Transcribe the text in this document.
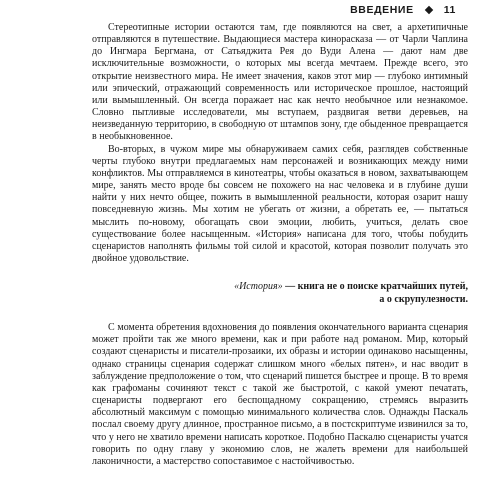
ВВЕДЕНИЕ	11

Стереотипные истории остаются там, где появляются на свет, а архетипичные отправляются в путешествие. Выдающиеся мастера кинорасказа — от Чарли Чаплина до Ингмара Бергмана, от Сатьяджита Рея до Вуди Алена — дают нам две исключительные возможности, о которых мы всегда мечтаем. Прежде всего, это открытие неизвестного мира. Не имеет значения, каков этот мир — глубоко интимный или эпический, отражающий современность или историческое прошлое, настоящий или вымышленный. Он всегда поражает нас как нечто необычное или незнакомое. Словно пытливые исследователи, мы вступаем, раздвигая ветви деревьев, на неизведанную территорию, в свободную от штампов зону, где обыденное превращается в необыкновенное.

Во-вторых, в чужом мире мы обнаруживаем самих себя, разглядев собственные черты глубоко внутри предлагаемых нам персонажей и возникающих между ними конфликтов. Мы отправляемся в кинотеатры, чтобы оказаться в новом, захватывающем мире, занять место вроде бы совсем не похожего на нас человека и в глубине души найти у них нечто общее, пожить в вымышленной реальности, которая озарит нашу повседневную жизнь. Мы хотим не убегать от жизни, а обретать ее, — пытаться мыслить по-новому, обогащать свои эмоции, любить, учиться, делать свое существование более насыщенным. «История» написана для того, чтобы побудить сценаристов наполнять фильмы той силой и красотой, которая позволит получать это двойное удовольствие.

«История» — книга не о поиске кратчайших путей,
а о скрупулезности.

С момента обретения вдохновения до появления окончательного варианта сценария может пройти так же много времени, как и при работе над романом. Мир, который создают сценаристы и писатели-прозаики, их образы и истории одинаково насыщенны, однако страницы сценария содержат слишком много «белых пятен», и нас вводит в заблуждение предположение о том, что сценарий пишется быстрее и проще. В то время как графоманы сочиняют текст с такой же быстротой, с какой умеют печатать, сценаристы подвергают его беспощадному сокращению, стремясь выразить абсолютный максимум с помощью минимального количества слов. Однажды Паскаль послал своему другу длинное, пространное письмо, а в постскриптуме извинился за то, что у него не хватило времени написать короткое. Подобно Паскалю сценаристы учатся говорить по одну главу у экономию слов, не жалеть времени для наибольшей лаконичности, а мастерство сопоставимое с настойчивостью.
